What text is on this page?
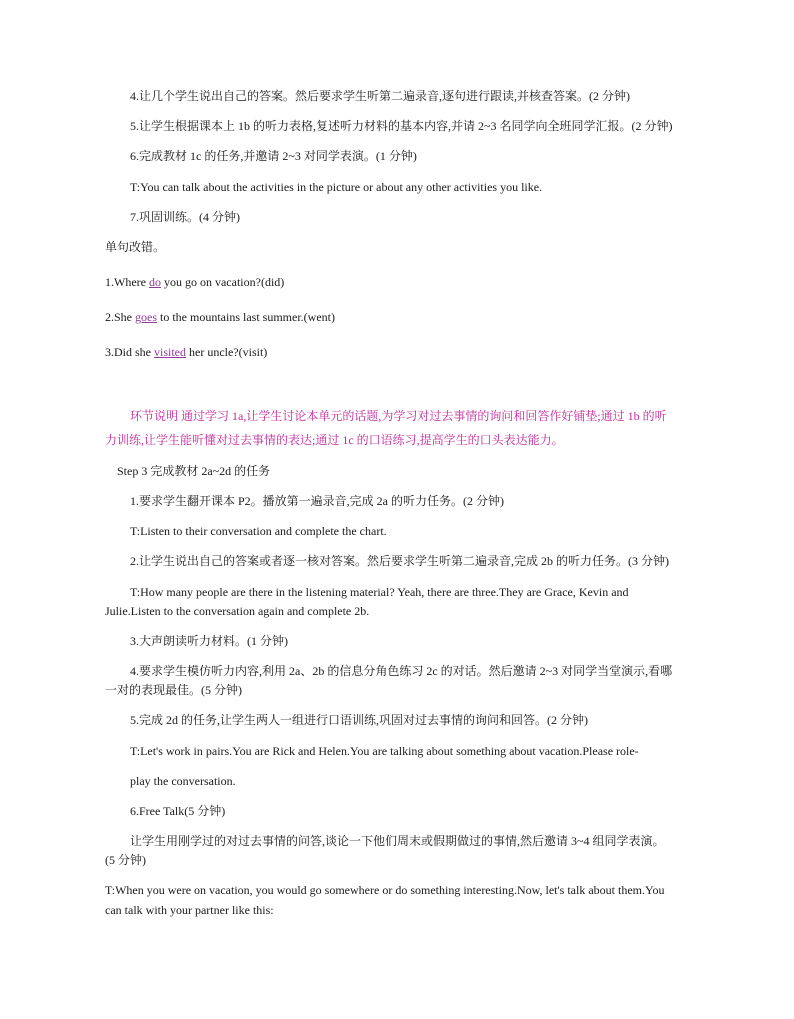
4.让几个学生说出自己的答案。然后要求学生听第二遍录音,逐句进行跟读,并核查答案。(2 分钟)
5.让学生根据课本上 1b 的听力表格,复述听力材料的基本内容,并请 2~3 名同学向全班同学汇报。(2 分钟)
6.完成教材 1c 的任务,并邀请 2~3 对同学表演。(1 分钟)
T:You can talk about the activities in the picture or about any other activities you like.
7.巩固训练。(4 分钟)
单句改错。
1.Where do you go on vacation?(did)
2.She goes to the mountains last summer.(went)
3.Did she visited her uncle?(visit)
环节说明 通过学习 1a,让学生讨论本单元的话题,为学习对过去事情的询问和回答作好铺垫;通过 1b 的听
力训练,让学生能听懂对过去事情的表达;通过 1c 的口语练习,提高学生的口头表达能力。
Step 3 完成教材 2a~2d 的任务
1.要求学生翻开课本 P2。播放第一遍录音,完成 2a 的听力任务。(2 分钟)
T:Listen to their conversation and complete the chart.
2.让学生说出自己的答案或者逐一核对答案。然后要求学生听第二遍录音,完成 2b 的听力任务。(3 分钟)
T:How many people are there in the listening material? Yeah, there are three.They are Grace, Kevin and
Julie.Listen to the conversation again and complete 2b.
3.大声朗读听力材料。(1 分钟)
4.要求学生模仿听力内容,利用 2a、2b 的信息分角色练习 2c 的对话。然后邀请 2~3 对同学当堂演示,看哪
一对的表现最佳。(5 分钟)
5.完成 2d 的任务,让学生两人一组进行口语训练,巩固对过去事情的询问和回答。(2 分钟)
T:Let's work in pairs.You are Rick and Helen.You are talking about something about vacation.Please role-
play the conversation.
6.Free Talk(5 分钟)
让学生用刚学过的对过去事情的问答,谈论一下他们周末或假期做过的事情,然后邀请 3~4 组同学表演。
(5 分钟)
T:When you were on vacation, you would go somewhere or do something interesting.Now, let's talk about them.You
can talk with your partner like this:
